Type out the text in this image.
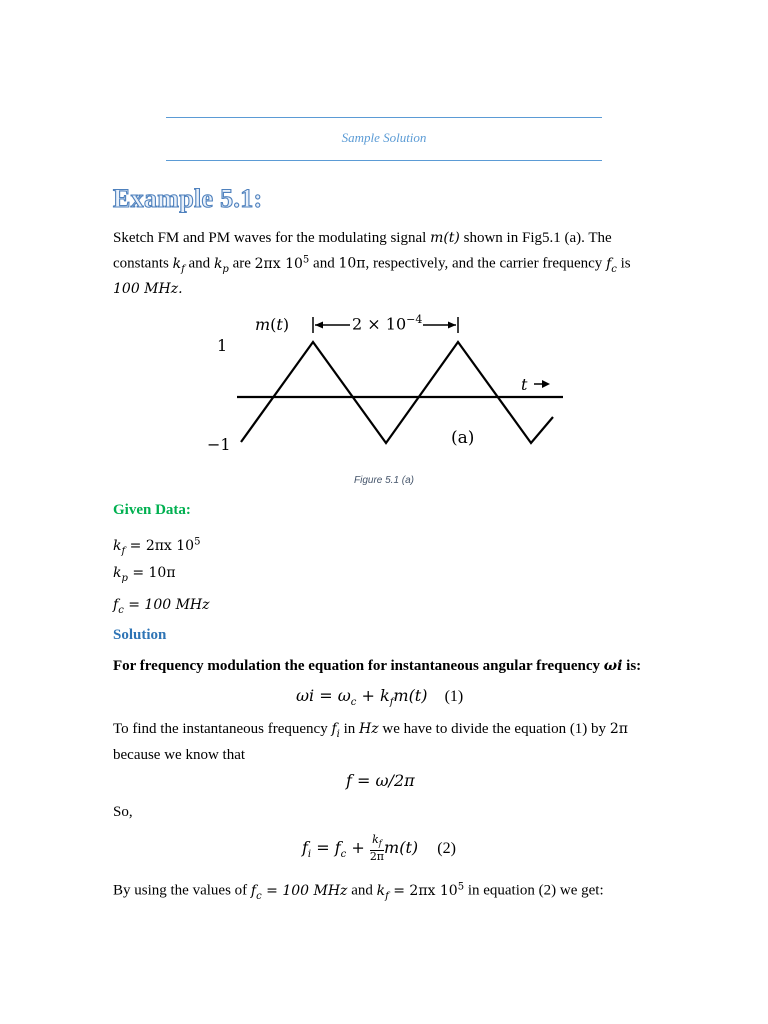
Sample Solution
Example 5.1:
Sketch FM and PM waves for the modulating signal m(t) shown in Fig5.1 (a). The
constants $k_f$ and $k_p$ are 2πx $10^5$ and 10π, respectively, and the carrier frequency $f_c$ is
100 MHz.
m(t)	$2 \times 10^{-4}$
1
−1
t
(a)
Figure 5.1 (a)
Given Data:
$k_f = 2\pi x$ $10^5$
$k_p = 10\pi$
$f_c = 100$ MHz
Solution
For frequency modulation the equation for instantaneous angular frequency ωi is:
$\omega i = \omega_c + k_fm(t)$ (1)
To find the instantaneous frequency $f_i$ in Hz we have to divide the equation (1) by 2π
because we know that
f = ω/2π
So,
$f_i = f_c + \frac{k_f}{2\pi} m(t)$ (2)
By using the values of $f_c = 100$ MHz and $k_f = 2\pi x$ $10^5$ in equation (2) we get:
